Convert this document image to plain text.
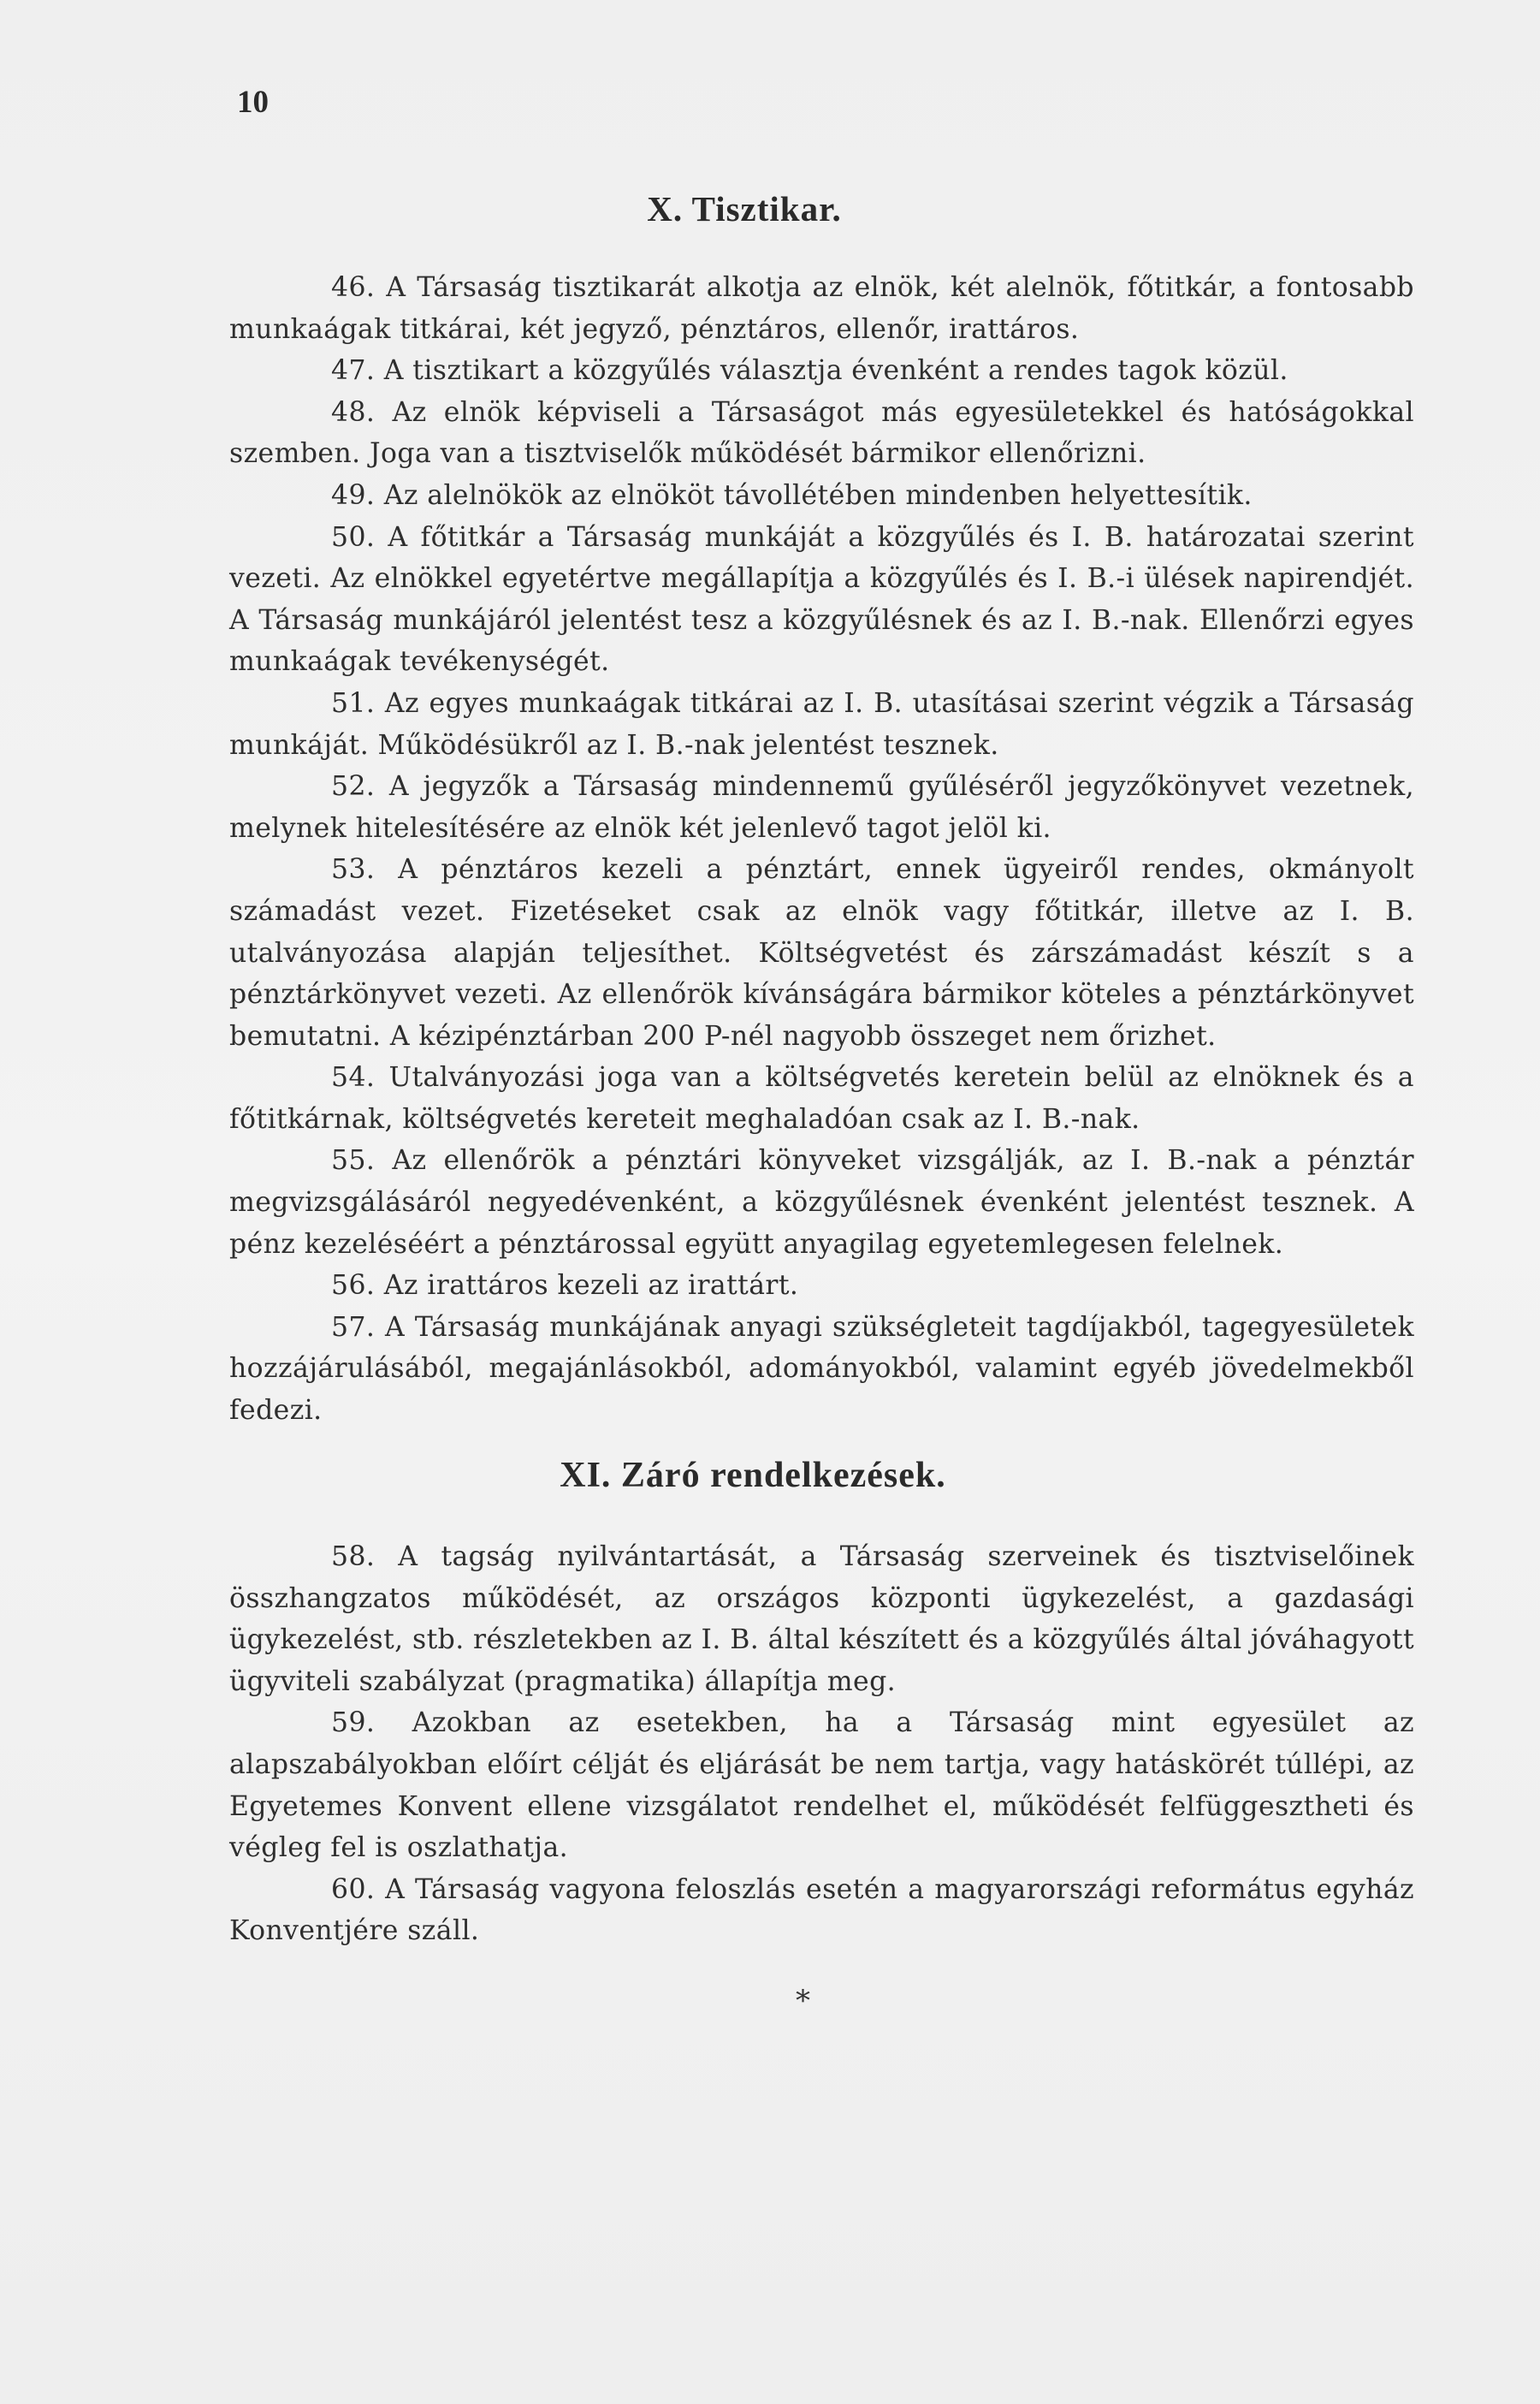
10
X. Tisztikar.

46. A Társaság tisztikarát alkotja az elnök, két alelnök, főtitkár, a fontosabb munkaágak titkárai, két jegyző, pénztáros, ellenőr, irattáros.

47. A tisztikart a közgyűlés választja évenként a rendes tagok közül.

48. Az elnök képviseli a Társaságot más egyesületekkel és hatóságokkal szemben. Joga van a tisztviselők működését bármikor ellenőrizni.

49. Az alelnökök az elnököt távollétében mindenben helyettesítik.

50. A főtitkár a Társaság munkáját a közgyűlés és I. B. határozatai szerint vezeti. Az elnökkel egyetértve megállapítja a közgyűlés és I. B.-i ülések napirendjét. A Társaság munkájáról jelentést tesz a közgyűlésnek és az I. B.-nak. Ellenőrzi egyes munkaágak tevékenységét.

51. Az egyes munkaágak titkárai az I. B. utasításai szerint végzik a Társaság munkáját. Működésükről az I. B.-nak jelentést tesznek.

52. A jegyzők a Társaság mindennemű gyűléséről jegyzőkönyvet vezetnek, melynek hitelesítésére az elnök két jelenlevő tagot jelöl ki.

53. A pénztáros kezeli a pénztárt, ennek ügyeiről rendes, okmányolt számadást vezet. Fizetéseket csak az elnök vagy főtitkár, illetve az I. B. utalványozása alapján teljesíthet. Költségvetést és zárszámadást készít s a pénztárkönyvet vezeti. Az ellenőrök kívánságára bármikor köteles a pénztárkönyvet bemutatni. A kézipénztárban 200 P-nél nagyobb összeget nem őrizhet.

54. Utalványozási joga van a költségvetés keretein belül az elnöknek és a főtitkárnak, költségvetés kereteit meghaladóan csak az I. B.-nak.

55. Az ellenőrök a pénztári könyveket vizsgálják, az I. B.-nak a pénztár megvizsgálásáról negyedévenként, a közgyűlésnek évenként jelentést tesznek. A pénz kezeléséért a pénztárossal együtt anyagilag egyetemlegesen felelnek.

56. Az irattáros kezeli az irattárt.

57. A Társaság munkájának anyagi szükségleteit tagdíjakból, tagegyesületek hozzájárulásából, megajánlásokból, adományokból, valamint egyéb jövedelmekből fedezi.

XI. Záró rendelkezések.

58. A tagság nyilvántartását, a Társaság szerveinek és tisztviselőinek összhangzatos működését, az országos központi ügykezelést, a gazdasági ügykezelést, stb. részletekben az I. B. által készített és a közgyűlés által jóváhagyott ügyviteli szabályzat (pragmatika) állapítja meg.

59. Azokban az esetekben, ha a Társaság mint egyesület az alapszabályokban előírt célját és eljárását be nem tartja, vagy hatáskörét túllépi, az Egyetemes Konvent ellene vizsgálatot rendelhet el, működését felfüggesztheti és végleg fel is oszlathatja.

60. A Társaság vagyona feloszlás esetén a magyarországi református egyház Konventjére száll.

*
